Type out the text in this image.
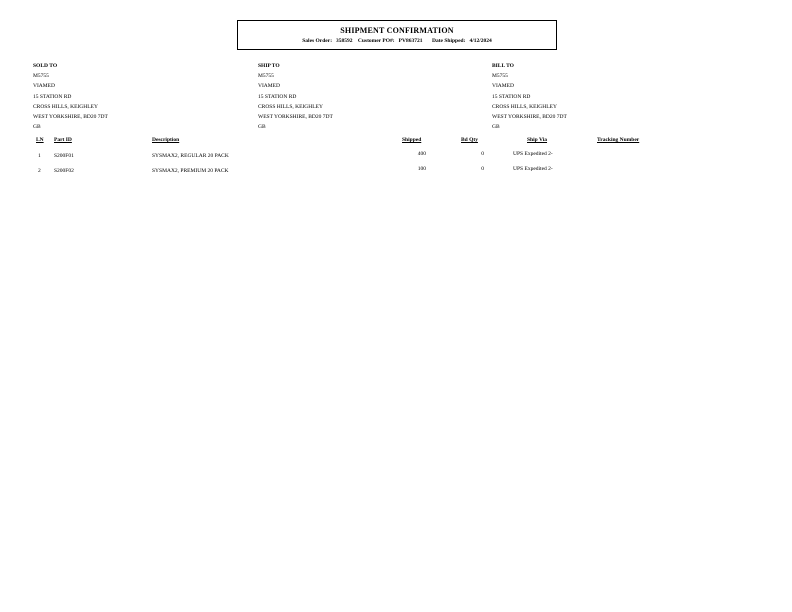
SHIPMENT CONFIRMATION
Sales Order: 358592 Customer PO#: PV863721 Date Shipped: 4/12/2024
SOLD TO
M5755
VIAMED
15 STATION RD
CROSS HILLS, KEIGHLEY
WEST YORKSHIRE, BD20 7DT
GB
SHIP TO
M5755
VIAMED
15 STATION RD
CROSS HILLS, KEIGHLEY
WEST YORKSHIRE, BD20 7DT
GB
BILL TO
M5755
VIAMED
15 STATION RD
CROSS HILLS, KEIGHLEY
WEST YORKSHIRE, BD20 7DT
GB
LN Part ID	Description	Shipped	Bd Qty	Ship Via	Tracking Number
1 S200F01	SYSMAX2, REGULAR 20 PACK	400	0	UPS Expedited 2-
2 S200F02	SYSMAX2, PREMIUM 20 PACK	100	0	UPS Expedited 2-
